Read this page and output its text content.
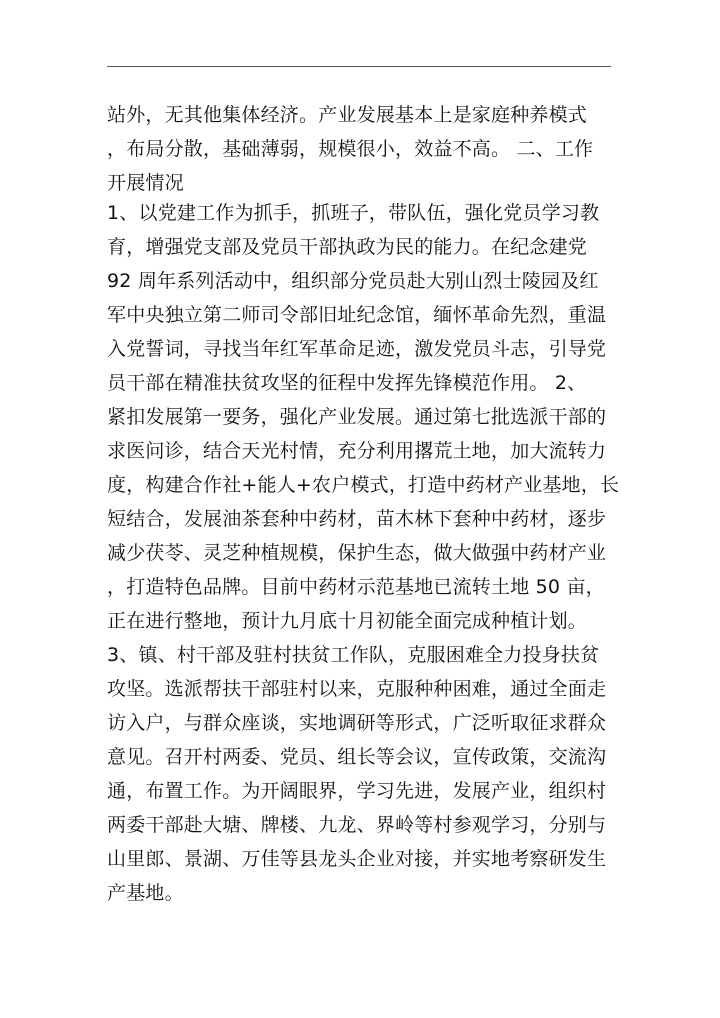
站外，无其他集体经济。产业发展基本上是家庭种养模式
，布局分散，基础薄弱，规模很小，效益不高。 二、工作
开展情况
1、以党建工作为抓手，抓班子，带队伍，强化党员学习教
育，增强党支部及党员干部执政为民的能力。在纪念建党
92 周年系列活动中，组织部分党员赴大别山烈士陵园及红
军中央独立第二师司令部旧址纪念馆，缅怀革命先烈，重温
入党誓词，寻找当年红军革命足迹，激发党员斗志，引导党
员干部在精准扶贫攻坚的征程中发挥先锋模范作用。 2、
紧扣发展第一要务，强化产业发展。通过第七批选派干部的
求医问诊，结合天光村情，充分利用撂荒土地，加大流转力
度，构建合作社+能人+农户模式，打造中药材产业基地，长
短结合，发展油茶套种中药材，苗木林下套种中药材，逐步
减少茯苓、灵芝种植规模，保护生态，做大做强中药材产业
，打造特色品牌。目前中药材示范基地已流转土地 50 亩，
正在进行整地，预计九月底十月初能全面完成种植计划。
3、镇、村干部及驻村扶贫工作队，克服困难全力投身扶贫
攻坚。选派帮扶干部驻村以来，克服种种困难，通过全面走
访入户，与群众座谈，实地调研等形式，广泛听取征求群众
意见。召开村两委、党员、组长等会议，宣传政策，交流沟
通，布置工作。为开阔眼界，学习先进，发展产业，组织村
两委干部赴大塘、牌楼、九龙、界岭等村参观学习，分别与
山里郎、景湖、万佳等县龙头企业对接，并实地考察研发生
产基地。
